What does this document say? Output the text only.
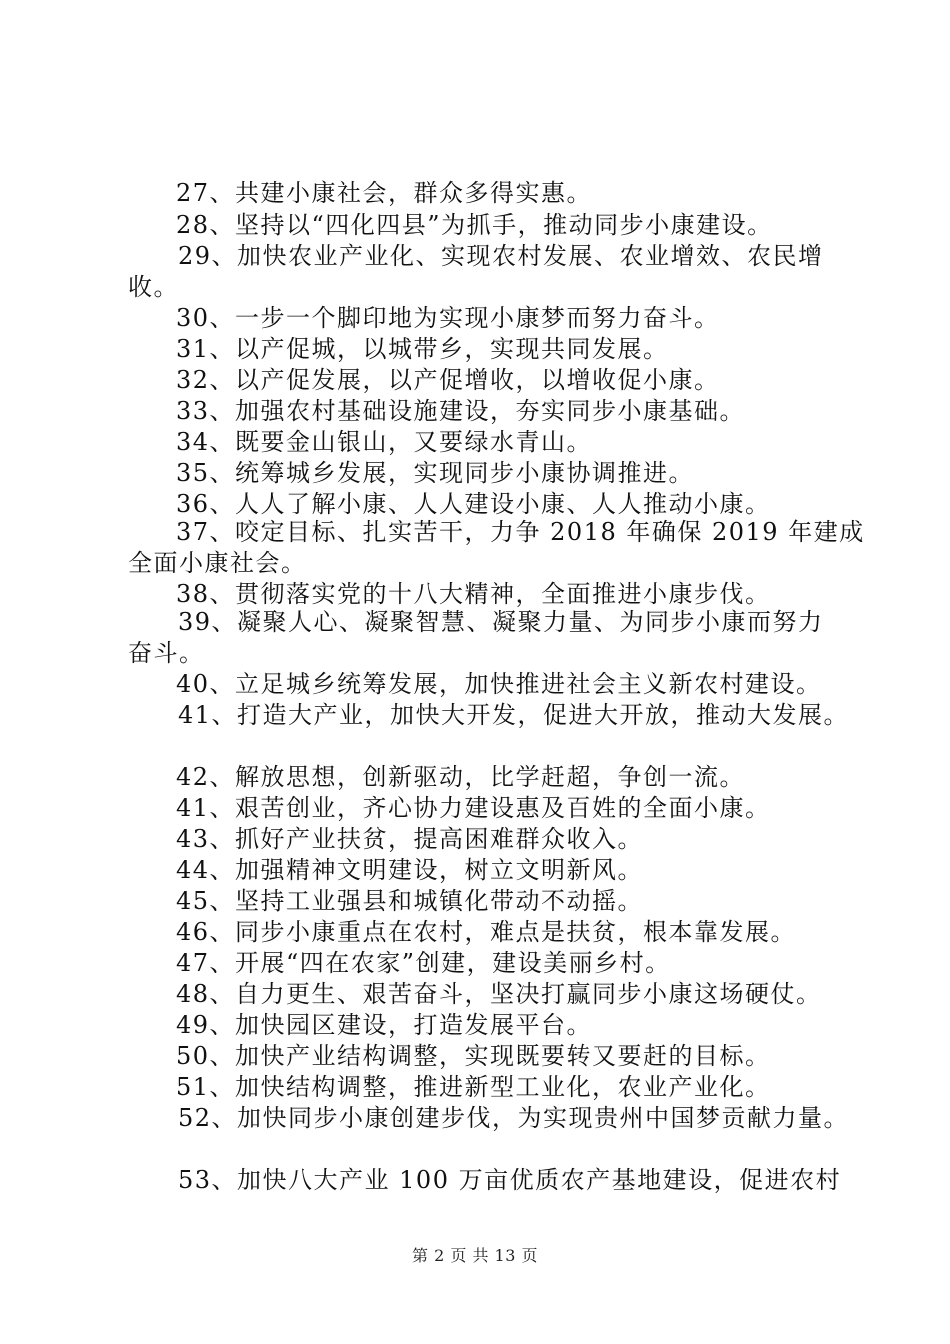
27、共建小康社会，群众多得实惠。
28、坚持以“四化四县”为抓手，推动同步小康建设。
29、加快农业产业化、实现农村发展、农业增效、农民增
收。
30、一步一个脚印地为实现小康梦而努力奋斗。
31、以产促城，以城带乡，实现共同发展。
32、以产促发展，以产促增收，以增收促小康。
33、加强农村基础设施建设，夯实同步小康基础。
34、既要金山银山，又要绿水青山。
35、统筹城乡发展，实现同步小康协调推进。
36、人人了解小康、人人建设小康、人人推动小康。
37、咬定目标、扎实苦干，力争 2018 年确保 2019 年建成
全面小康社会。
38、贯彻落实党的十八大精神，全面推进小康步伐。
39、凝聚人心、凝聚智慧、凝聚力量、为同步小康而努力
奋斗。
40、立足城乡统筹发展，加快推进社会主义新农村建设。
41、打造大产业，加快大开发，促进大开放，推动大发展。
42、解放思想，创新驱动，比学赶超，争创一流。
41、艰苦创业，齐心协力建设惠及百姓的全面小康。
43、抓好产业扶贫，提高困难群众收入。
44、加强精神文明建设，树立文明新风。
45、坚持工业强县和城镇化带动不动摇。
46、同步小康重点在农村，难点是扶贫，根本靠发展。
47、开展“四在农家”创建，建设美丽乡村。
48、自力更生、艰苦奋斗，坚决打赢同步小康这场硬仗。
49、加快园区建设，打造发展平台。
50、加快产业结构调整，实现既要转又要赶的目标。
51、加快结构调整，推进新型工业化，农业产业化。
52、加快同步小康创建步伐，为实现贵州中国梦贡献力量。
53、加快八大产业 100 万亩优质农产基地建设，促进农村
第 2 页 共 13 页
